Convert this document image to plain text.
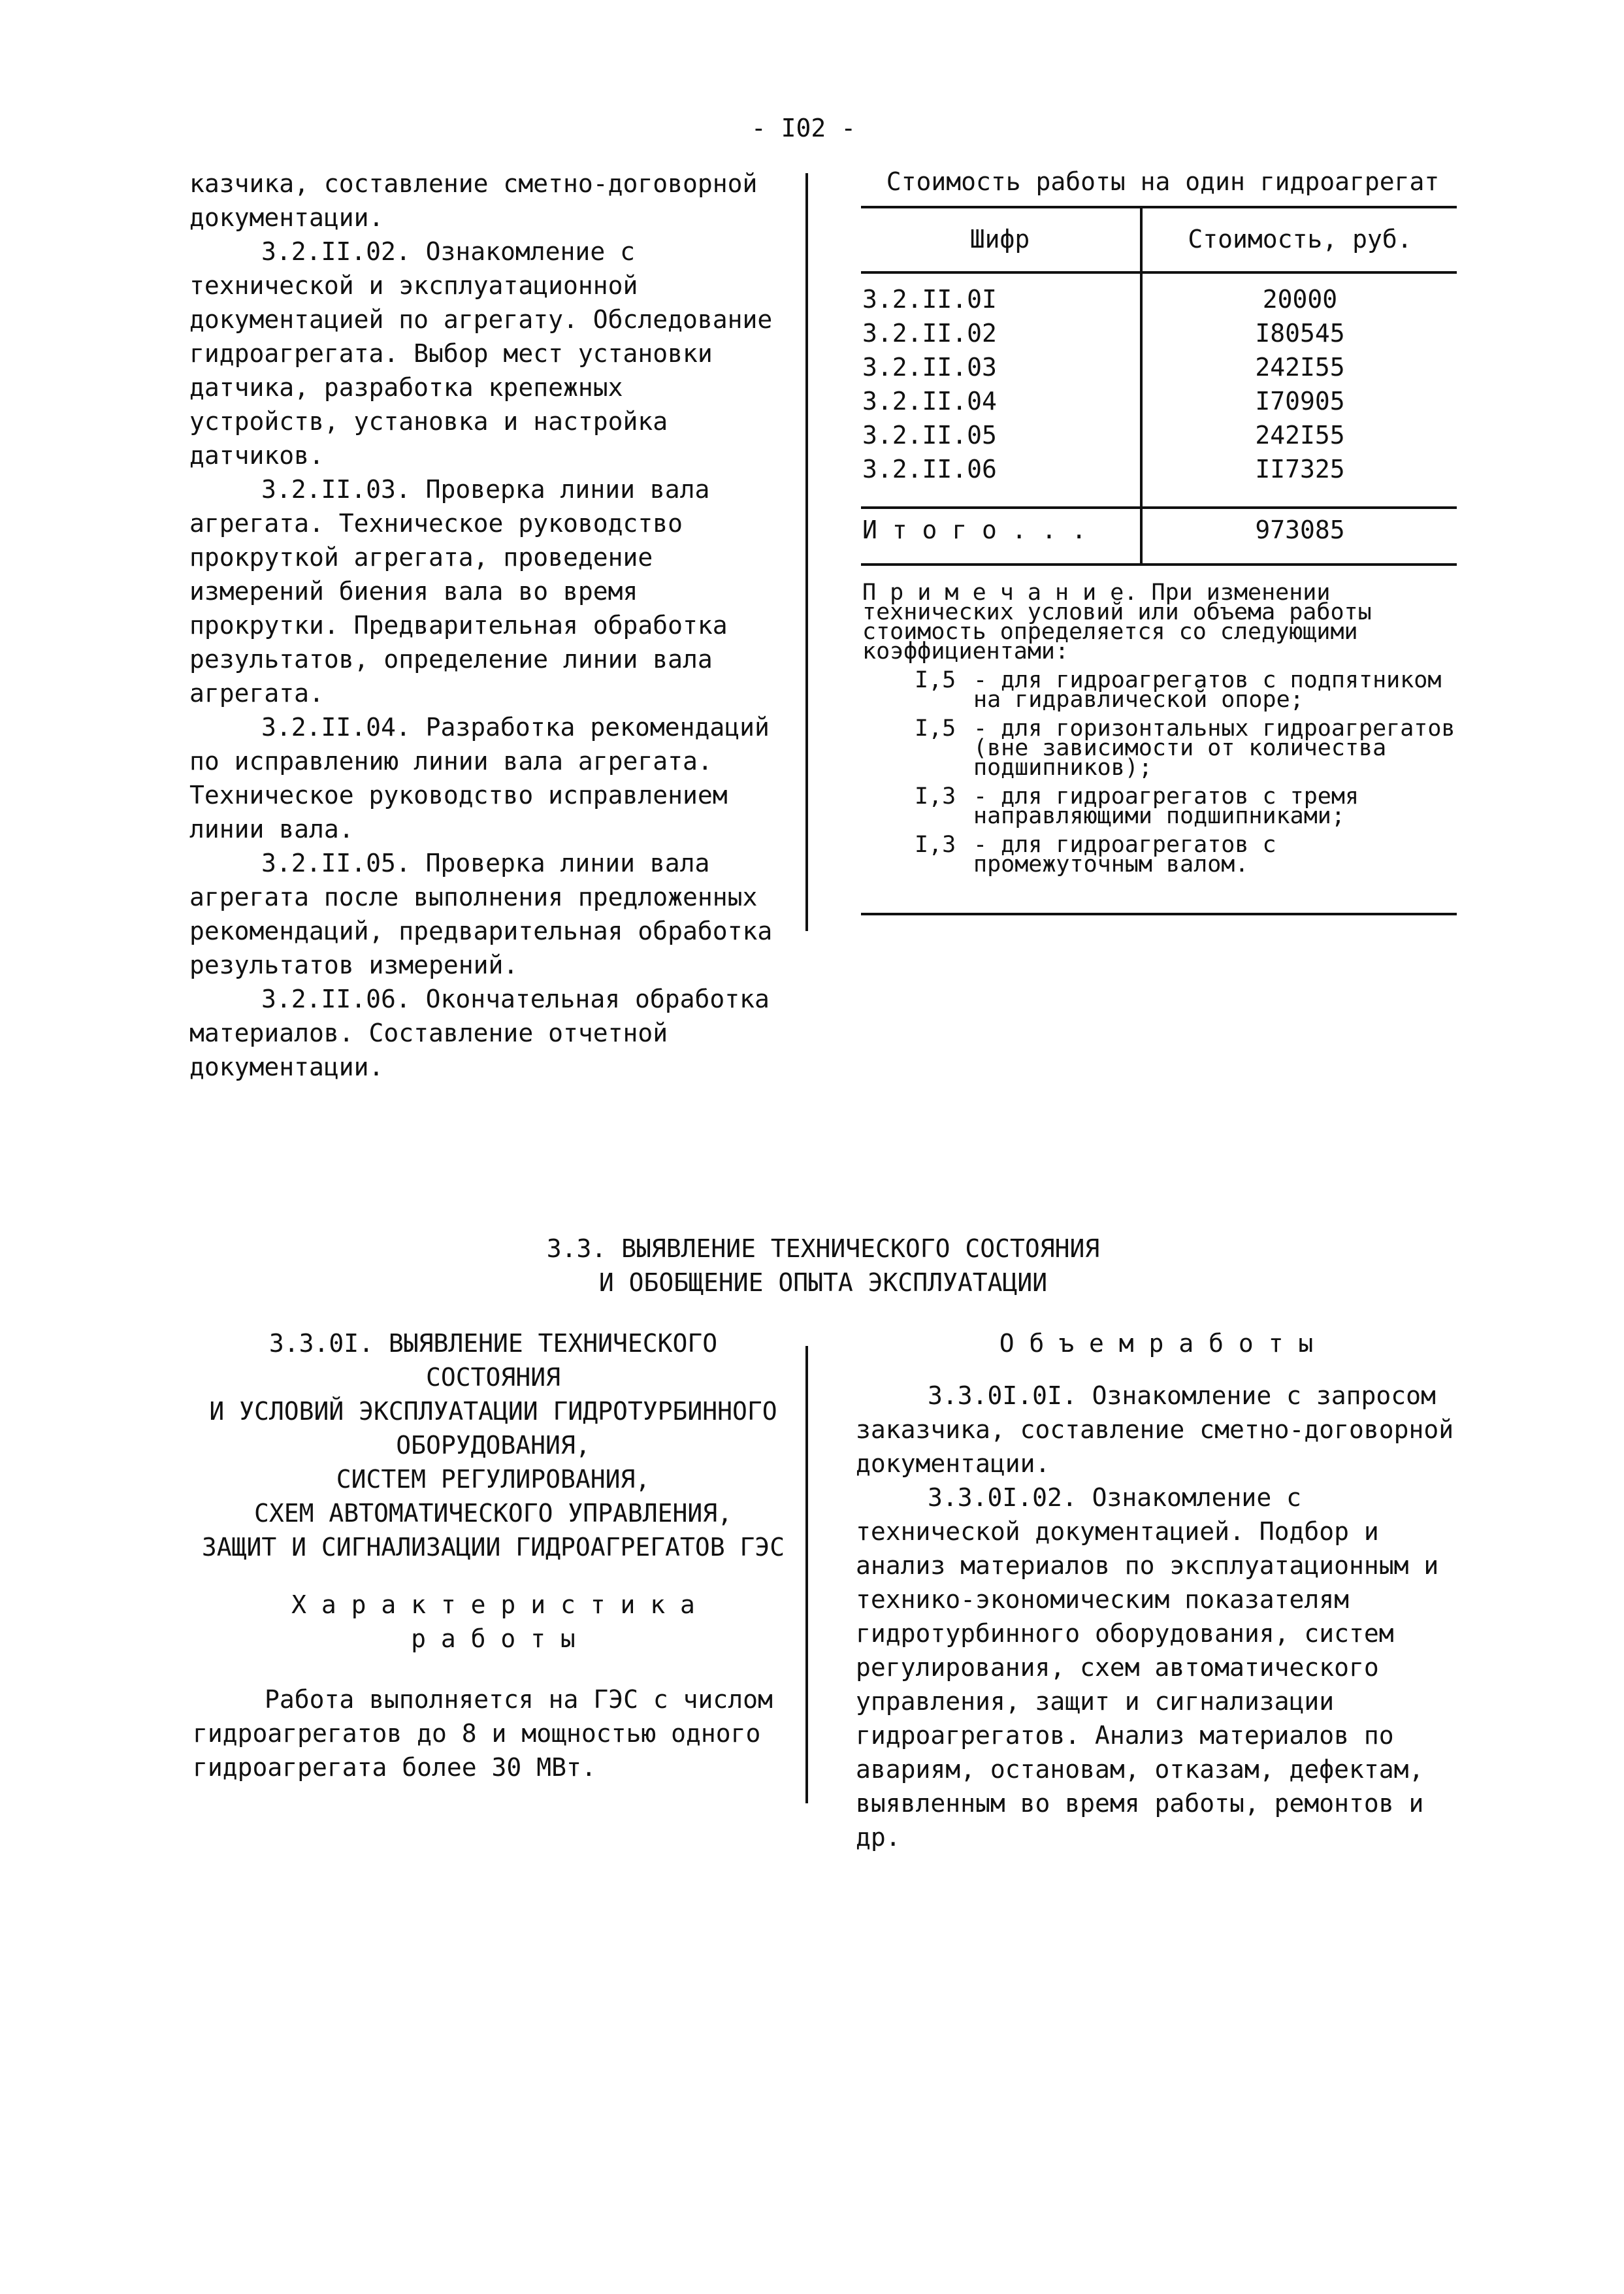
- I02 -

казчика, составление сметно-договорной документации.

3.2.II.02. Ознакомление с технической и эксплуатационной документацией по агрегату. Обследование гидроагрегата. Выбор мест установки датчика, разработка крепежных устройств, установка и настройка датчиков.

3.2.II.03. Проверка линии вала агрегата. Техническое руководство прокруткой агрегата, проведение измерений биения вала во время прокрутки. Предварительная обработка результатов, определение линии вала агрегата.

3.2.II.04. Разработка рекомендаций по исправлению линии вала агрегата. Техническое руководство исправлением линии вала.

3.2.II.05. Проверка линии вала агрегата после выполнения предложенных рекомендаций, предварительная обработка результатов измерений.

3.2.II.06. Окончательная обработка материалов. Составление отчетной документации.

Стоимость работы на один гидроагрегат
Шифр	Стоимость, руб.
3.2.II.0I
3.2.II.02
3.2.II.03
3.2.II.04
3.2.II.05
3.2.II.06
20000
I80545
242I55
I70905
242I55
II7325
И т о г о . . .	973085

П р и м е ч а н и е. При изменении технических условий или объема работы стоимость определяется со следующими коэффициентами:

I,5 - для гидроагрегатов с подпятником на гидравлической опоре;
I,5 - для горизонтальных гидроагрегатов (вне зависимости от количества подшипников);
I,3 - для гидроагрегатов с тремя направляющими подшипниками;
I,3 - для гидроагрегатов с промежуточным валом.
3.3. ВЫЯВЛЕНИЕ ТЕХНИЧЕСКОГО СОСТОЯНИЯ
И ОБОБЩЕНИЕ ОПЫТА ЭКСПЛУАТАЦИИ
3.3.0I. ВЫЯВЛЕНИЕ ТЕХНИЧЕСКОГО
СОСТОЯНИЯ
И УСЛОВИЙ ЭКСПЛУАТАЦИИ ГИДРОТУРБИННОГО
ОБОРУДОВАНИЯ,
СИСТЕМ РЕГУЛИРОВАНИЯ,
СХЕМ АВТОМАТИЧЕСКОГО УПРАВЛЕНИЯ,
ЗАЩИТ И СИГНАЛИЗАЦИИ ГИДРОАГРЕГАТОВ ГЭС
Х а р а к т е р и с т и к а
р а б о т ы

Работа выполняется на ГЭС с числом гидроагрегатов до 8 и мощностью одного гидроагрегата более 30 МВт.

О б ъ е м р а б о т ы

3.3.0I.0I. Ознакомление с запросом заказчика, составление сметно-договорной документации.

3.3.0I.02. Ознакомление с технической документацией. Подбор и анализ материалов по эксплуатационным и технико-экономическим показателям гидротурбинного оборудования, систем регулирования, схем автоматического управления, защит и сигнализации гидроагрегатов. Анализ материалов по авариям, остановам, отказам, дефектам, выявленным во время работы, ремонтов и др.
